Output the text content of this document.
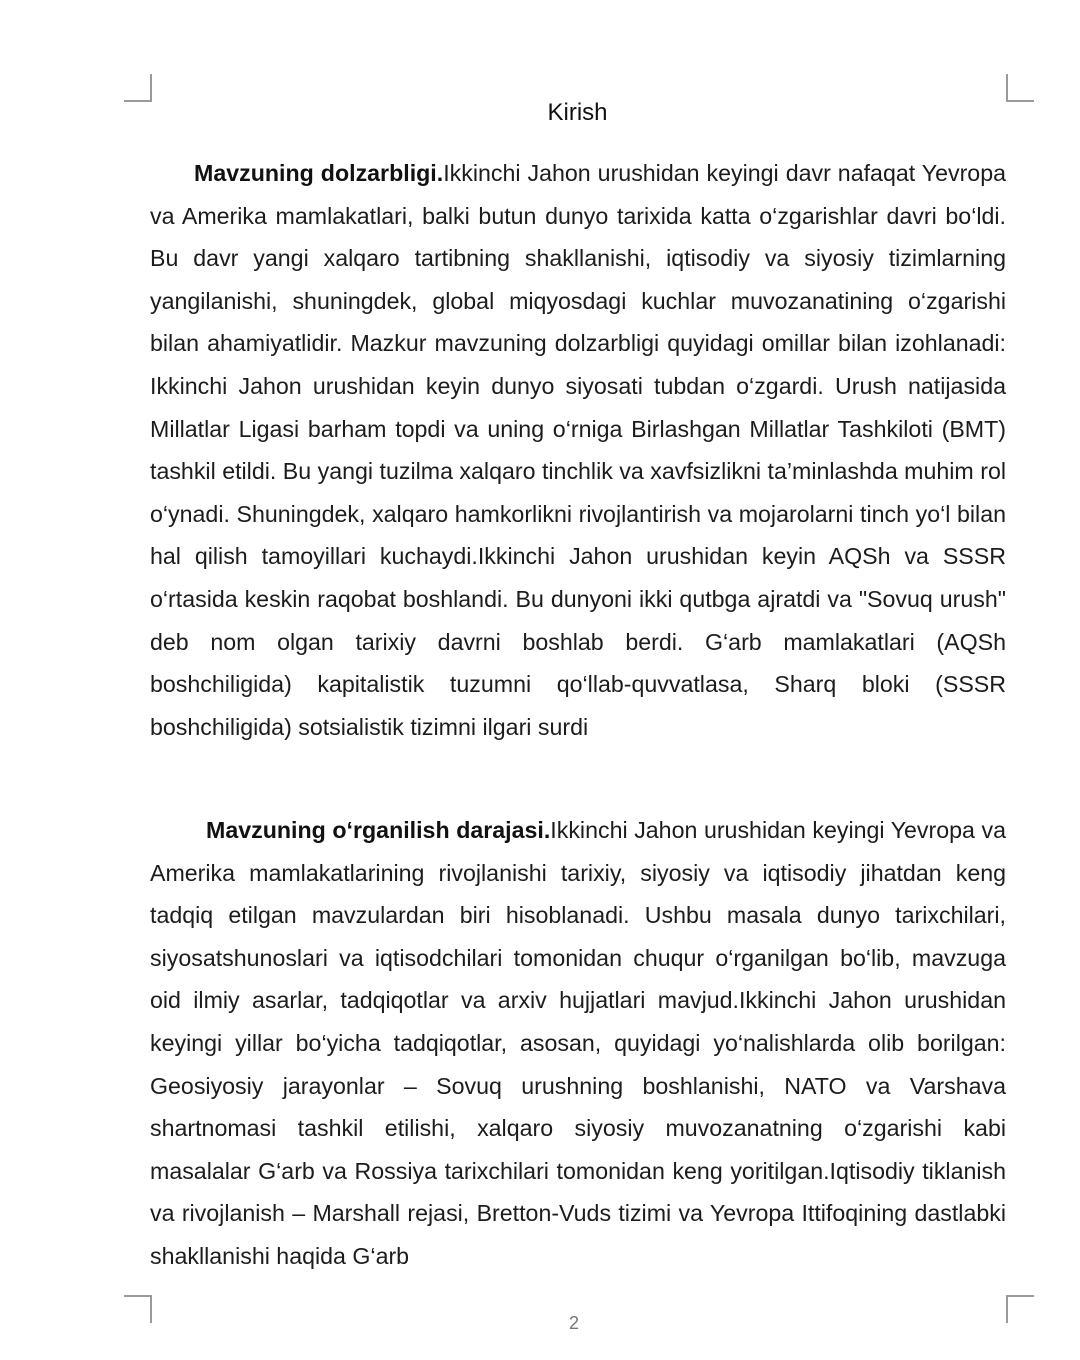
Kirish

Mavzuning dolzarbligi.Ikkinchi Jahon urushidan keyingi davr nafaqat Yevropa va Amerika mamlakatlari, balki butun dunyo tarixida katta o‘zgarishlar davri bo‘ldi. Bu davr yangi xalqaro tartibning shakllanishi, iqtisodiy va siyosiy tizimlarning yangilanishi, shuningdek, global miqyosdagi kuchlar muvozanatining o‘zgarishi bilan ahamiyatlidir. Mazkur mavzuning dolzarbligi quyidagi omillar bilan izohlanadi: Ikkinchi Jahon urushidan keyin dunyo siyosati tubdan o‘zgardi. Urush natijasida Millatlar Ligasi barham topdi va uning o‘rniga Birlashgan Millatlar Tashkiloti (BMT) tashkil etildi. Bu yangi tuzilma xalqaro tinchlik va xavfsizlikni ta’minlashda muhim rol o‘ynadi. Shuningdek, xalqaro hamkorlikni rivojlantirish va mojarolarni tinch yo‘l bilan hal qilish tamoyillari kuchaydi.Ikkinchi Jahon urushidan keyin AQSh va SSSR o‘rtasida keskin raqobat boshlandi. Bu dunyoni ikki qutbga ajratdi va "Sovuq urush" deb nom olgan tarixiy davrni boshlab berdi. G‘arb mamlakatlari (AQSh boshchiligida) kapitalistik tuzumni qo‘llab-quvvatlasa, Sharq bloki (SSSR boshchiligida) sotsialistik tizimni ilgari surdi

Mavzuning o‘rganilish darajasi.Ikkinchi Jahon urushidan keyingi Yevropa va Amerika mamlakatlarining rivojlanishi tarixiy, siyosiy va iqtisodiy jihatdan keng tadqiq etilgan mavzulardan biri hisoblanadi. Ushbu masala dunyo tarixchilari, siyosatshunoslari va iqtisodchilari tomonidan chuqur o‘rganilgan bo‘lib, mavzuga oid ilmiy asarlar, tadqiqotlar va arxiv hujjatlari mavjud.Ikkinchi Jahon urushidan keyingi yillar bo‘yicha tadqiqotlar, asosan, quyidagi yo‘nalishlarda olib borilgan: Geosiyosiy jarayonlar – Sovuq urushning boshlanishi, NATO va Varshava shartnomasi tashkil etilishi, xalqaro siyosiy muvozanatning o‘zgarishi kabi masalalar G‘arb va Rossiya tarixchilari tomonidan keng yoritilgan.Iqtisodiy tiklanish va rivojlanish – Marshall rejasi, Bretton-Vuds tizimi va Yevropa Ittifoqining dastlabki shakllanishi haqida G‘arb

2
